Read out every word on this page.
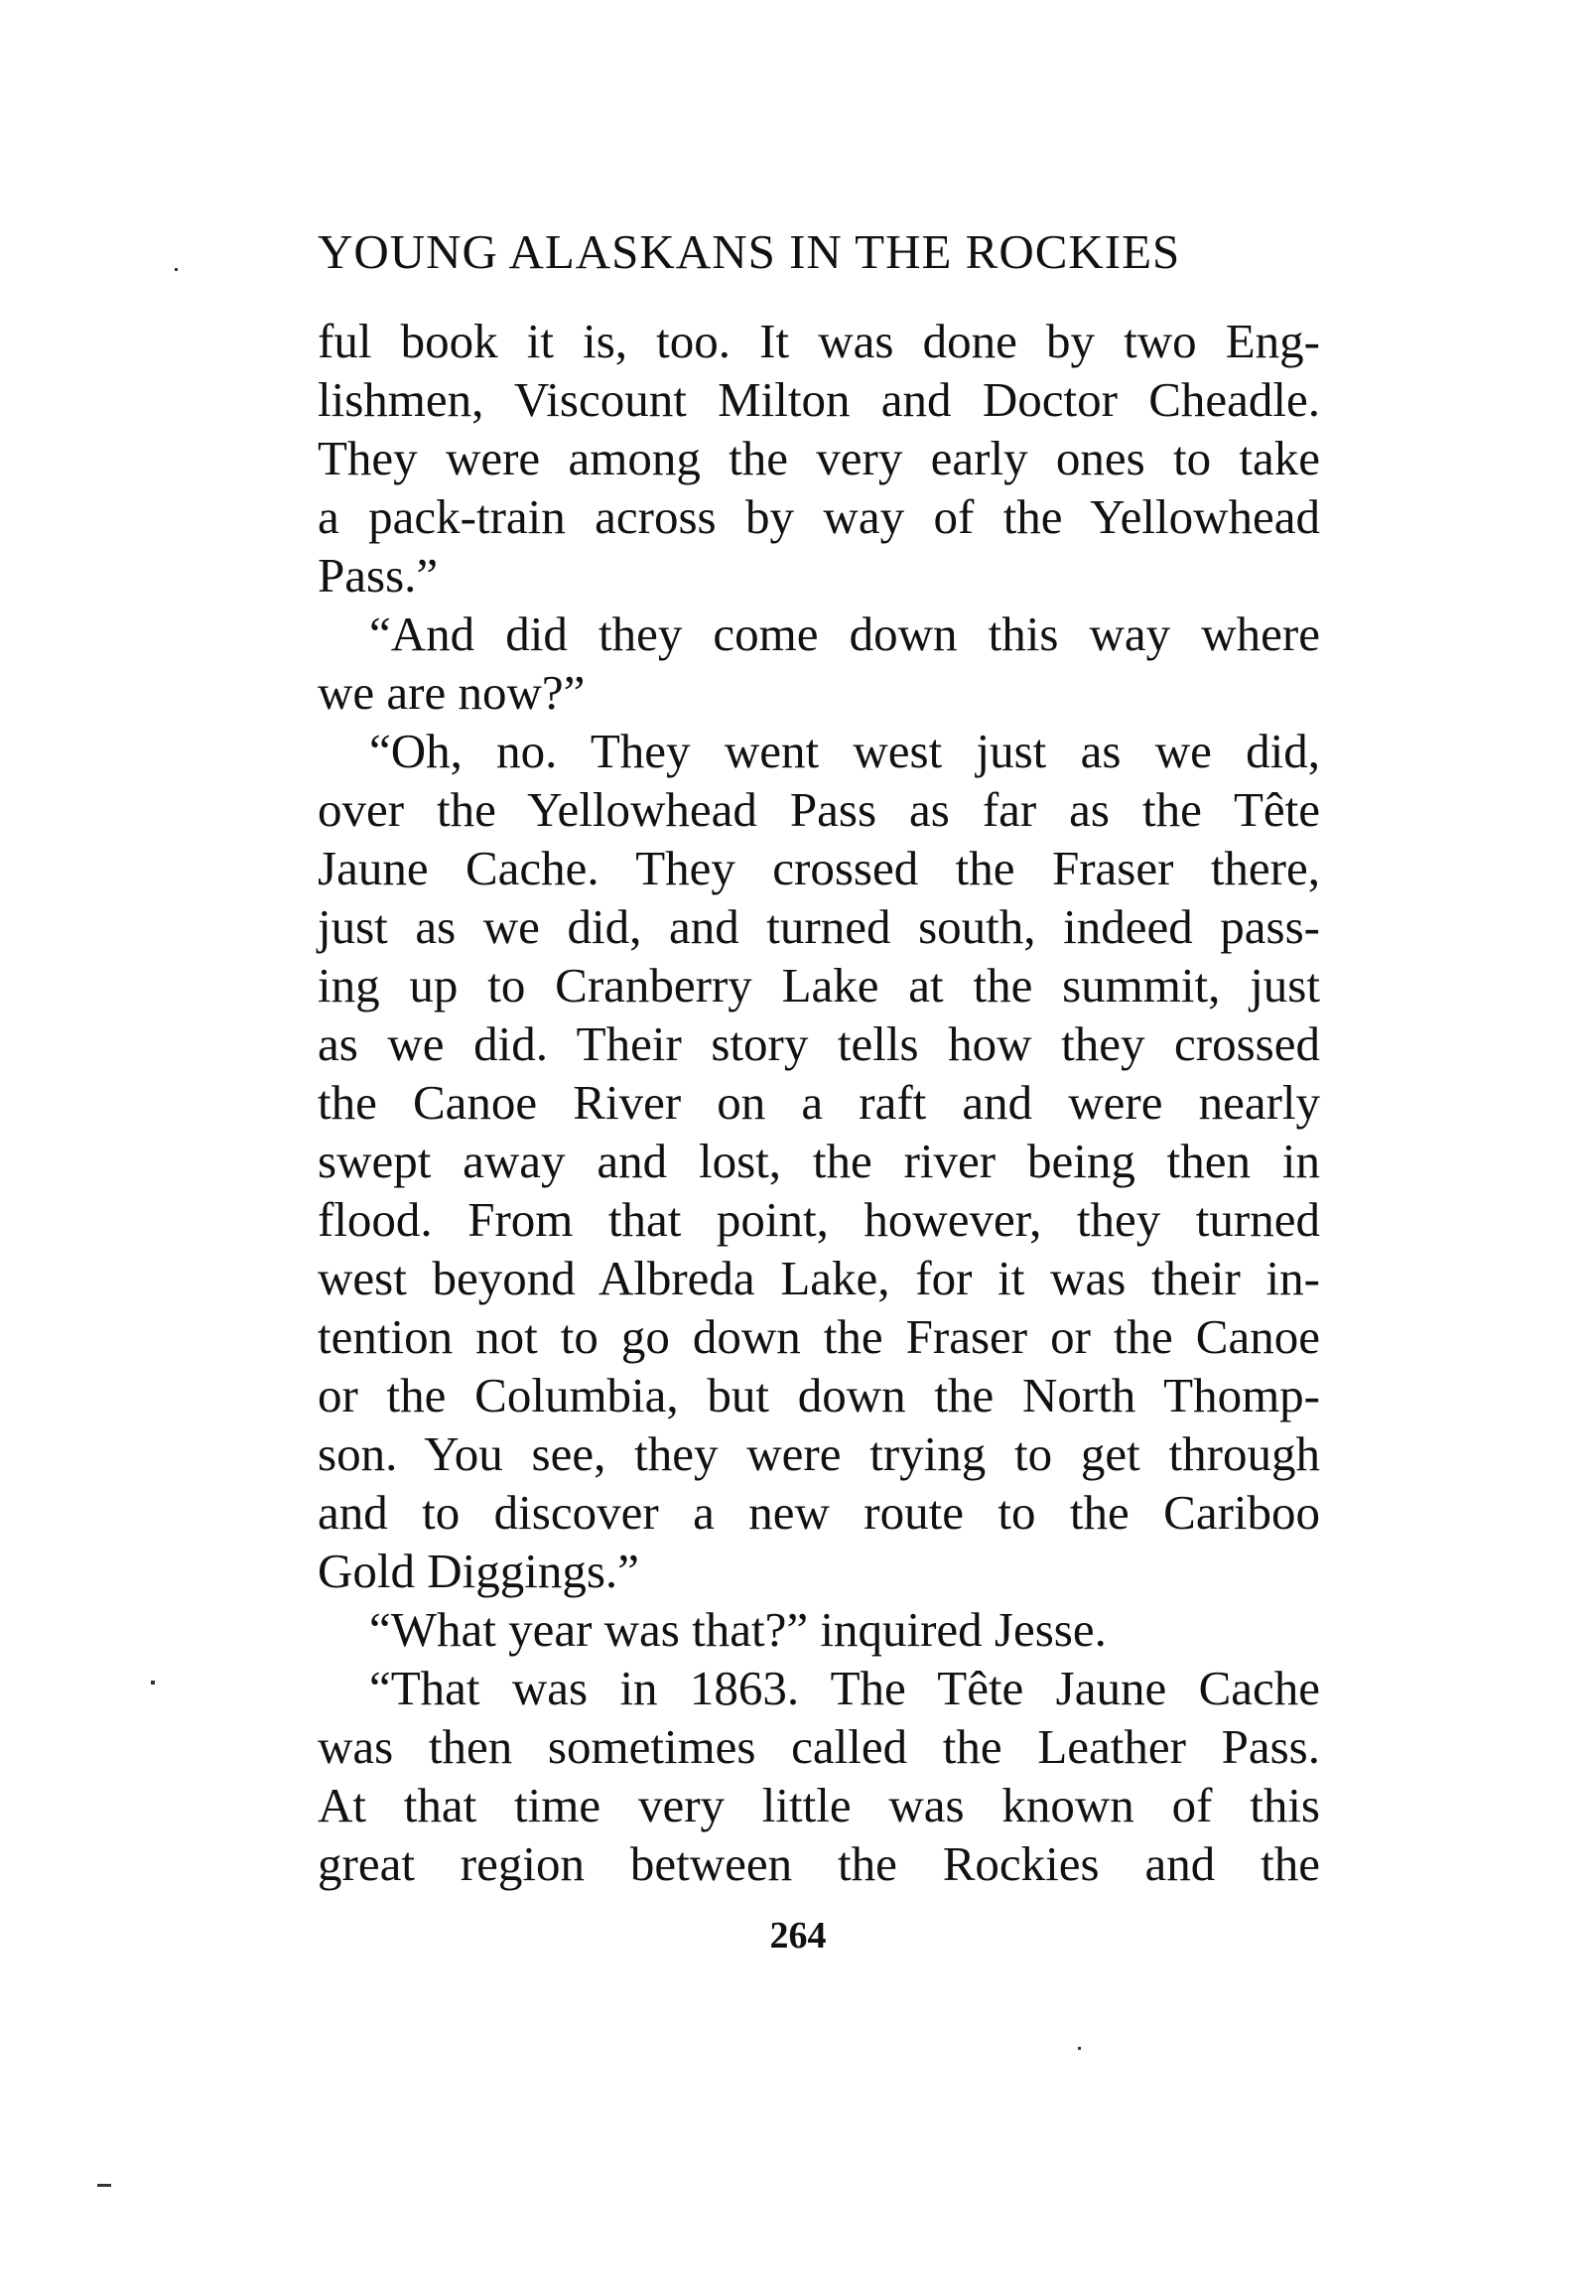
YOUNG ALASKANS IN THE ROCKIES
ful book it is, too. It was done by two Eng-
lishmen, Viscount Milton and Doctor Cheadle.
They were among the very early ones to take
a pack-train across by way of the Yellowhead
Pass.”
“And did they come down this way where
we are now?”
“Oh, no. They went west just as we did,
over the Yellowhead Pass as far as the Tête
Jaune Cache. They crossed the Fraser there,
just as we did, and turned south, indeed pass-
ing up to Cranberry Lake at the summit, just
as we did. Their story tells how they crossed
the Canoe River on a raft and were nearly
swept away and lost, the river being then in
flood. From that point, however, they turned
west beyond Albreda Lake, for it was their in-
tention not to go down the Fraser or the Canoe
or the Columbia, but down the North Thomp-
son. You see, they were trying to get through
and to discover a new route to the Cariboo
Gold Diggings.”
“What year was that?” inquired Jesse.
“That was in 1863. The Tête Jaune Cache
was then sometimes called the Leather Pass.
At that time very little was known of this
great region between the Rockies and the
264
